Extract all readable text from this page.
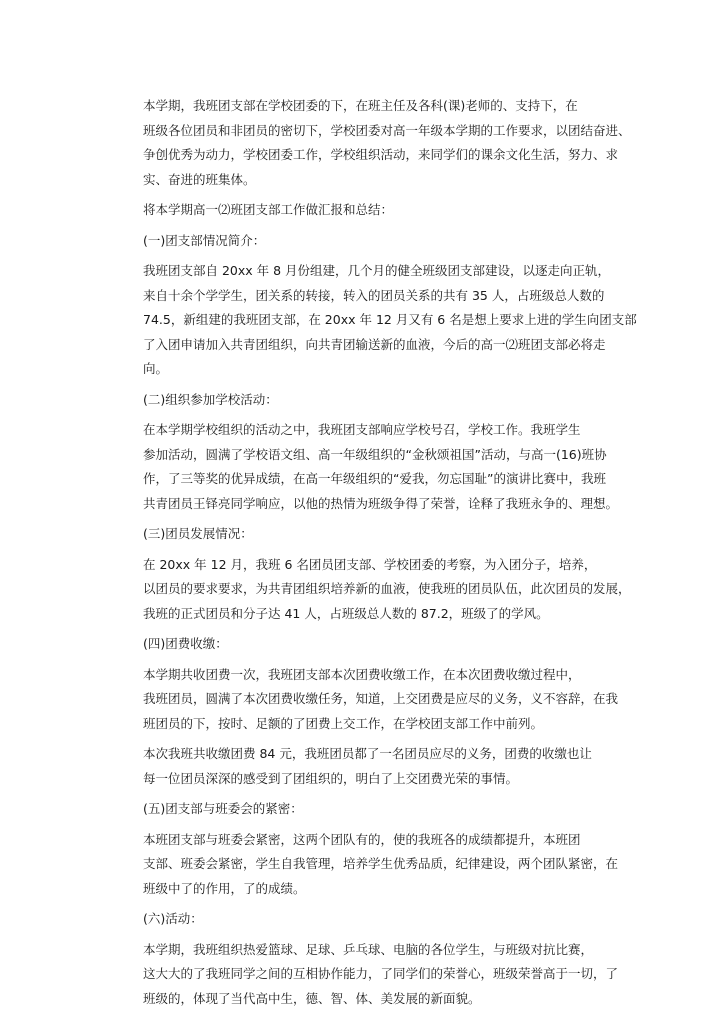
本学期，我班团支部在学校团委的下，在班主任及各科(课)老师的、支持下，在
班级各位团员和非团员的密切下，学校团委对高一年级本学期的工作要求，以团结奋进、
争创优秀为动力，学校团委工作，学校组织活动，来同学们的课余文化生活，努力、求
实、奋进的班集体。
将本学期高一⑵班团支部工作做汇报和总结：
(一)团支部情况简介：
我班团支部自 20xx 年 8 月份组建，几个月的健全班级团支部建设，以逐走向正轨，
来自十余个学学生，团关系的转接，转入的团员关系的共有 35 人，占班级总人数的
74.5，新组建的我班团支部，在 20xx 年 12 月又有 6 名是想上要求上进的学生向团支部
了入团申请加入共青团组织，向共青团输送新的血液，今后的高一⑵班团支部必将走
向。
(二)组织参加学校活动：
在本学期学校组织的活动之中，我班团支部响应学校号召，学校工作。我班学生
参加活动，圆满了学校语文组、高一年级组织的“金秋颂祖国”活动，与高一(16)班协
作，了三等奖的优异成绩，在高一年级组织的“爱我，勿忘国耻”的演讲比赛中，我班
共青团员王铎亮同学响应，以他的热情为班级争得了荣誉，诠释了我班永争的、理想。
(三)团员发展情况：
在 20xx 年 12 月，我班 6 名团员团支部、学校团委的考察，为入团分子，培养，
以团员的要求要求，为共青团组织培养新的血液，使我班的团员队伍，此次团员的发展，
我班的正式团员和分子达 41 人，占班级总人数的 87.2，班级了的学风。
(四)团费收缴：
本学期共收团费一次，我班团支部本次团费收缴工作，在本次团费收缴过程中，
我班团员，圆满了本次团费收缴任务，知道，上交团费是应尽的义务，义不容辞，在我
班团员的下，按时、足额的了团费上交工作，在学校团支部工作中前列。
本次我班共收缴团费 84 元，我班团员都了一名团员应尽的义务，团费的收缴也让
每一位团员深深的感受到了团组织的，明白了上交团费光荣的事情。
(五)团支部与班委会的紧密：
本班团支部与班委会紧密，这两个团队有的，使的我班各的成绩都提升，本班团
支部、班委会紧密，学生自我管理，培养学生优秀品质，纪律建设，两个团队紧密，在
班级中了的作用，了的成绩。
(六)活动：
本学期，我班组织热爱篮球、足球、乒乓球、电脑的各位学生，与班级对抗比赛，
这大大的了我班同学之间的互相协作能力，了同学们的荣誉心，班级荣誉高于一切，了
班级的，体现了当代高中生，德、智、体、美发展的新面貌。
